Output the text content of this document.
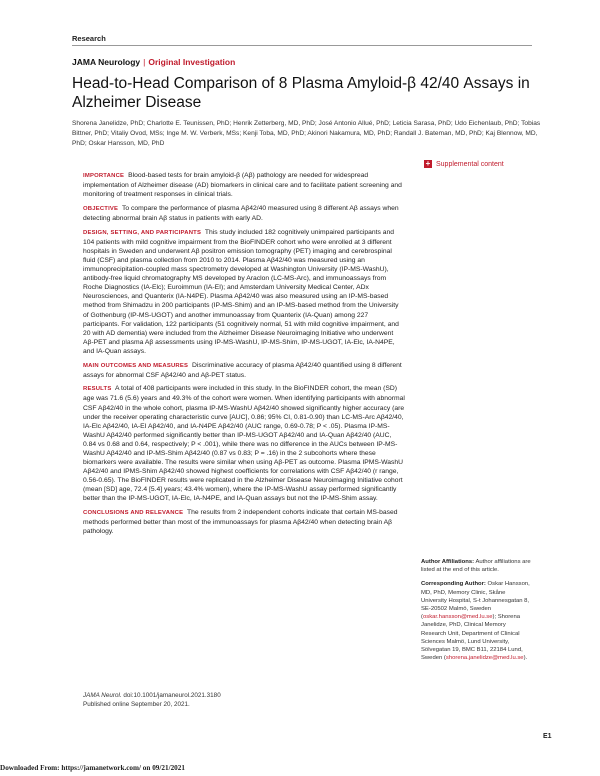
Research
JAMA Neurology | Original Investigation
Head-to-Head Comparison of 8 Plasma Amyloid-β 42/40 Assays in Alzheimer Disease
Shorena Janelidze, PhD; Charlotte E. Teunissen, PhD; Henrik Zetterberg, MD, PhD; José Antonio Allué, PhD; Leticia Sarasa, PhD; Udo Eichenlaub, PhD; Tobias Bittner, PhD; Vitaliy Ovod, MSs; Inge M. W. Verberk, MSs; Kenji Toba, MD, PhD; Akinori Nakamura, MD, PhD; Randall J. Bateman, MD, PhD; Kaj Blennow, MD, PhD; Oskar Hansson, MD, PhD
+ Supplemental content

IMPORTANCE Blood-based tests for brain amyloid-β (Aβ) pathology are needed for widespread implementation of Alzheimer disease (AD) biomarkers in clinical care and to facilitate patient screening and monitoring of treatment responses in clinical trials.

OBJECTIVE To compare the performance of plasma Aβ42/40 measured using 8 different Aβ assays when detecting abnormal brain Aβ status in patients with early AD.

DESIGN, SETTING, AND PARTICIPANTS This study included 182 cognitively unimpaired participants and 104 patients with mild cognitive impairment from the BioFINDER cohort who were enrolled at 3 different hospitals in Sweden and underwent Aβ positron emission tomography (PET) imaging and cerebrospinal fluid (CSF) and plasma collection from 2010 to 2014. Plasma Aβ42/40 was measured using an immunoprecipitation-coupled mass spectrometry developed at Washington University (IP-MS-WashU), antibody-free liquid chromatography MS developed by Araclon (LC-MS-Arc), and immunoassays from Roche Diagnostics (IA-Elc); Euroimmun (IA-EI); and Amsterdam University Medical Center, ADx Neurosciences, and Quanterix (IA-N4PE). Plasma Aβ42/40 was also measured using an IP-MS-based method from Shimadzu in 200 participants (IP-MS-Shim) and an IP-MS-based method from the University of Gothenburg (IP-MS-UGOT) and another immunoassay from Quanterix (IA-Quan) among 227 participants. For validation, 122 participants (51 cognitively normal, 51 with mild cognitive impairment, and 20 with AD dementia) were included from the Alzheimer Disease Neuroimaging Initiative who underwent Aβ-PET and plasma Aβ assessments using IP-MS-WashU, IP-MS-Shim, IP-MS-UGOT, IA-Elc, IA-N4PE, and IA-Quan assays.

MAIN OUTCOMES AND MEASURES Discriminative accuracy of plasma Aβ42/40 quantified using 8 different assays for abnormal CSF Aβ42/40 and Aβ-PET status.

RESULTS A total of 408 participants were included in this study. In the BioFINDER cohort, the mean (SD) age was 71.6 (5.6) years and 49.3% of the cohort were women. When identifying participants with abnormal CSF Aβ42/40 in the whole cohort, plasma IP-MS-WashU Aβ42/40 showed significantly higher accuracy (are under the receiver operating characteristic curve [AUC], 0.86; 95% CI, 0.81-0.90) than LC-MS-Arc Aβ42/40, IA-Elc Aβ42/40, IA-EI Aβ42/40, and IA-N4PE Aβ42/40 (AUC range, 0.69-0.78; P < .05). Plasma IP-MS-WashU Aβ42/40 performed significantly better than IP-MS-UGOT Aβ42/40 and IA-Quan Aβ42/40 (AUC, 0.84 vs 0.68 and 0.64, respectively; P < .001), while there was no difference in the AUCs between IP-MS-WashU Aβ42/40 and IP-MS-Shim Aβ42/40 (0.87 vs 0.83; P = .16) in the 2 subcohorts where these biomarkers were available. The results were similar when using Aβ-PET as outcome. Plasma IPMS-WashU Aβ42/40 and IPMS-Shim Aβ42/40 showed highest coefficients for correlations with CSF Aβ42/40 (r range, 0.56-0.65). The BioFINDER results were replicated in the Alzheimer Disease Neuroimaging Initiative cohort (mean [SD] age, 72.4 [5.4] years; 43.4% women), where the IP-MS-WashU assay performed significantly better than the IP-MS-UGOT, IA-Elc, IA-N4PE, and IA-Quan assays but not the IP-MS-Shim assay.

CONCLUSIONS AND RELEVANCE The results from 2 independent cohorts indicate that certain MS-based methods performed better than most of the immunoassays for plasma Aβ42/40 when detecting brain Aβ pathology.

JAMA Neurol. doi:10.1001/jamaneurol.2021.3180
Published online September 20, 2021.

Author Affiliations: Author affiliations are listed at the end of this article.

Corresponding Author: Oskar Hansson, MD, PhD, Memory Clinic, Skåne University Hospital, S-t Johannesgatan 8, SE-20502 Malmö, Sweden (oskar.hansson@med.lu.se); Shorena Janelidze, PhD, Clinical Memory Research Unit, Department of Clinical Sciences Malmö, Lund University, Sölvegatan 19, BMC B11, 22184 Lund, Sweden (shorena.janelidze@med.lu.se).

E1
Downloaded From: https://jamanetwork.com/ on 09/21/2021
